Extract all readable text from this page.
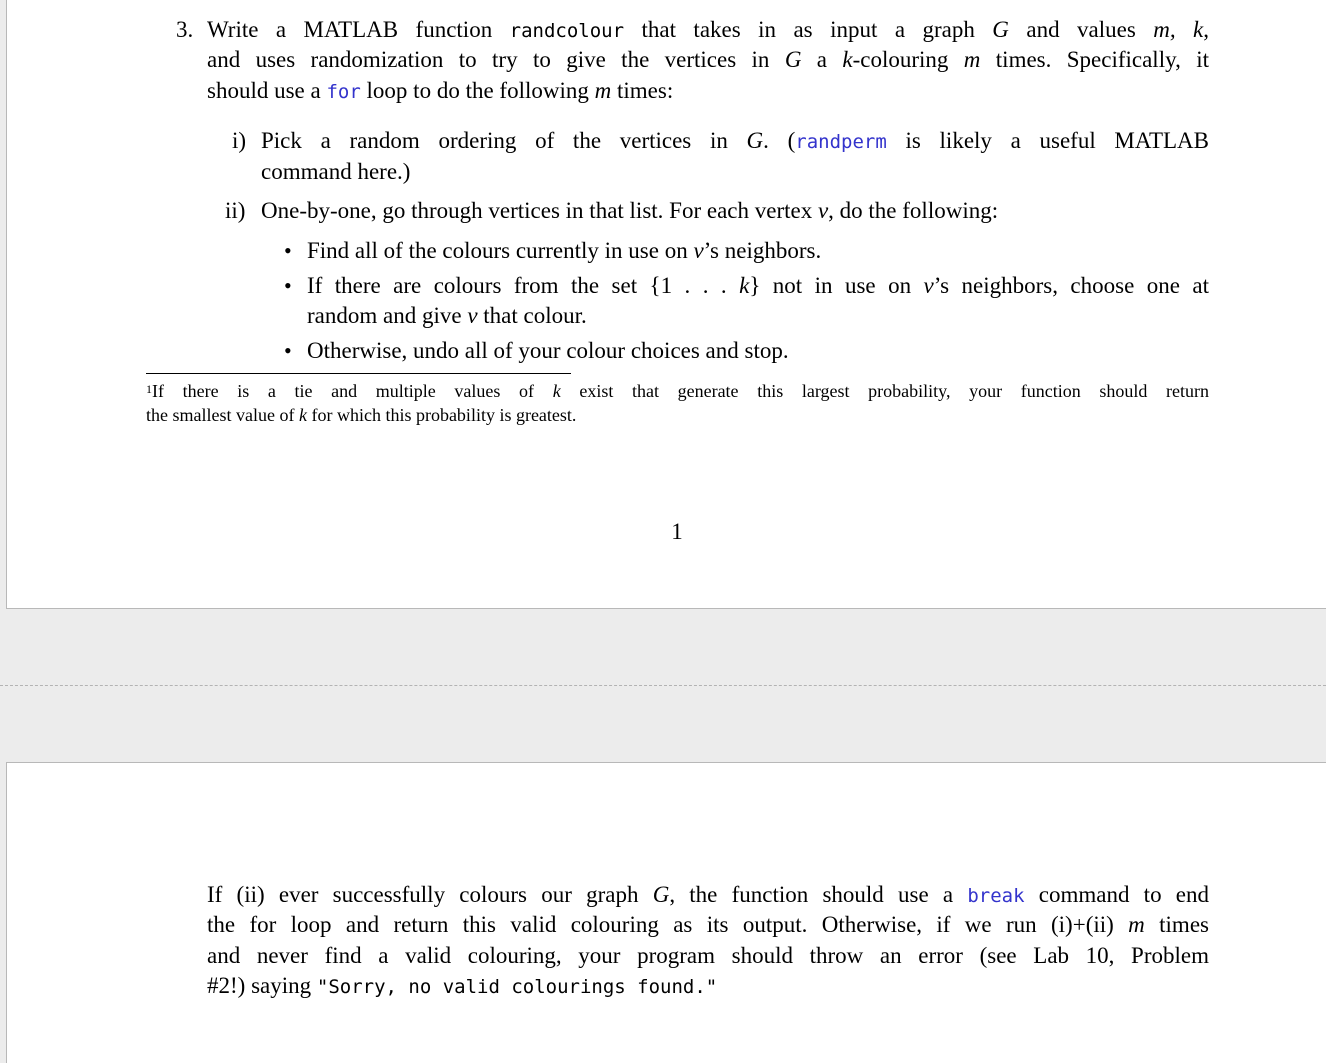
3. Write a MATLAB function randcolour that takes in as input a graph G and values m, k,
and uses randomization to try to give the vertices in G a k-colouring m times. Specifically, it
should use a for loop to do the following m times:
i) Pick a random ordering of the vertices in G. (randperm is likely a useful MATLAB
command here.)
ii) One-by-one, go through vertices in that list. For each vertex v, do the following:
• Find all of the colours currently in use on v’s neighbors.
• If there are colours from the set {1 . . . k} not in use on v’s neighbors, choose one at
random and give v that colour.
• Otherwise, undo all of your colour choices and stop.
$^1$If there is a tie and multiple values of k exist that generate this largest probability, your function should return
the smallest value of k for which this probability is greatest.
1
If (ii) ever successfully colours our graph G, the function should use a break command to end
the for loop and return this valid colouring as its output. Otherwise, if we run (i)+(ii) m times
and never find a valid colouring, your program should throw an error (see Lab 10, Problem
#2!) saying "Sorry, no valid colourings found."
